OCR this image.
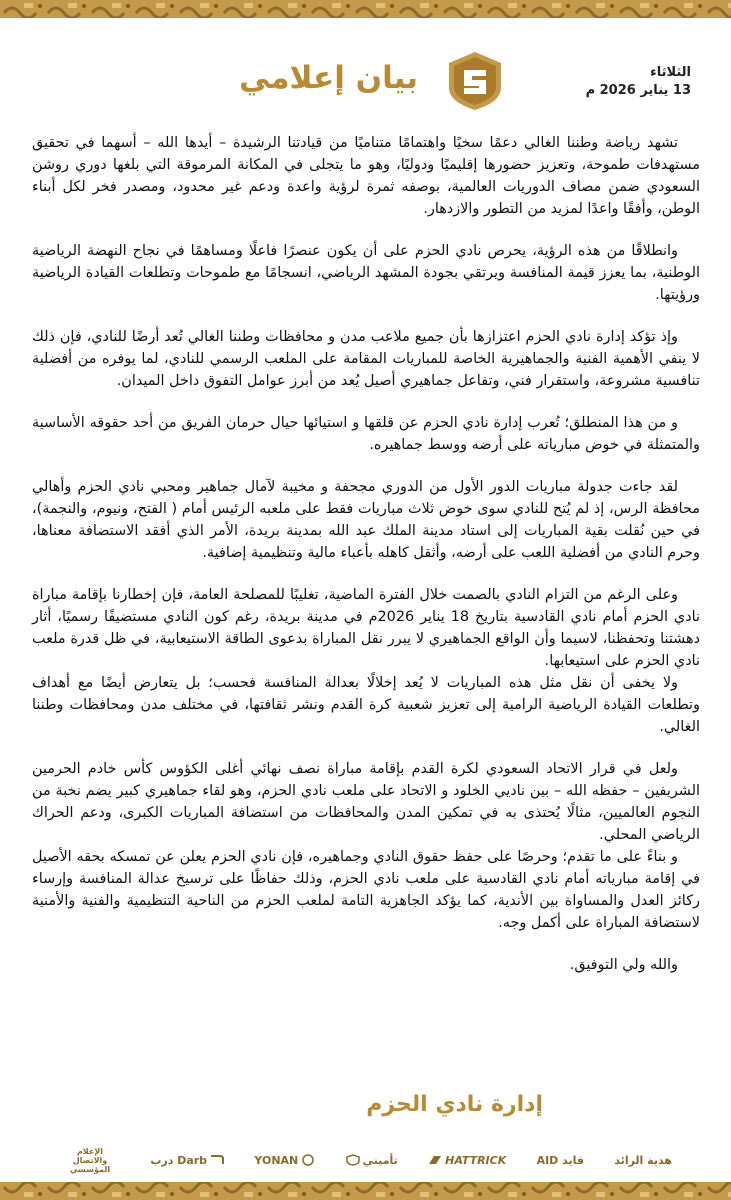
الثلاثاء
13 يناير 2026 م
بيان إعلامي

تشهد رياضة وطننا الغالي دعمًا سخيًا واهتمامًا متناميًا من قيادتنا الرشيدة – أيدها الله – أسهما في تحقيق مستهدفات طموحة، وتعزيز حضورها إقليميًا ودوليًا، وهو ما يتجلى في المكانة المرموقة التي بلغها دوري روشن السعودي ضمن مصاف الدوريات العالمية، بوصفه ثمرة لرؤية واعدة ودعم غير محدود، ومصدر فخر لكل أبناء الوطن، وأفقًا واعدًا لمزيد من التطور والازدهار.

وانطلاقًا من هذه الرؤية، يحرص نادي الحزم على أن يكون عنصرًا فاعلًا ومساهمًا في نجاح النهضة الرياضية الوطنية، بما يعزز قيمة المنافسة ويرتقي بجودة المشهد الرياضي، انسجامًا مع طموحات وتطلعات القيادة الرياضية ورؤيتها.

وإذ تؤكد إدارة نادي الحزم اعتزازها بأن جميع ملاعب مدن و محافظات وطننا الغالي تُعد أرضًا للنادي، فإن ذلك لا ينفي الأهمية الفنية والجماهيرية الخاصة للمباريات المقامة على الملعب الرسمي للنادي، لما يوفره من أفضلية تنافسية مشروعة، واستقرار فني، وتفاعل جماهيري أصيل يُعد من أبرز عوامل التفوق داخل الميدان.

و من هذا المنطلق؛ تُعرب إدارة نادي الحزم عن قلقها و استيائها حيال حرمان الفريق من أحد حقوقه الأساسية والمتمثلة في خوض مبارياته على أرضه ووسط جماهيره.

لقد جاءت جدولة مباريات الدور الأول من الدوري مجحفة و مخيبة لآمال جماهير ومحبي نادي الحزم وأهالي محافظة الرس، إذ لم يُتح للنادي سوى خوض ثلاث مباريات فقط على ملعبه الرئيس أمام ( الفتح، ونيوم، والنجمة)، في حين نُقلت بقية المباريات إلى استاد مدينة الملك عبد الله بمدينة بريدة، الأمر الذي أفقد الاستضافة معناها، وحرم النادي من أفضلية اللعب على أرضه، وأثقل كاهله بأعباء مالية وتنظيمية إضافية.

وعلى الرغم من التزام النادي بالصمت خلال الفترة الماضية، تغليبًا للمصلحة العامة، فإن إخطارنا بإقامة مباراة نادي الحزم أمام نادي القادسية بتاريخ 18 يناير 2026م في مدينة بريدة، رغم كون النادي مستضيفًا رسميًا، أثار دهشتنا وتحفظنا، لاسيما وأن الواقع الجماهيري لا يبرر نقل المباراة بدعوى الطاقة الاستيعابية، في ظل قدرة ملعب نادي الحزم على استيعابها.

ولا يخفى أن نقل مثل هذه المباريات لا يُعد إخلالًا بعدالة المنافسة فحسب؛ بل يتعارض أيضًا مع أهداف وتطلعات القيادة الرياضية الرامية إلى تعزيز شعبية كرة القدم ونشر ثقافتها، في مختلف مدن ومحافظات وطننا الغالي.

ولعل في قرار الاتحاد السعودي لكرة القدم بإقامة مباراة نصف نهائي أغلى الكؤوس كأس خادم الحرمين الشريفين – حفظه الله – بين ناديي الخلود و الاتحاد على ملعب نادي الحزم، وهو لقاء جماهيري كبير يضم نخبة من النجوم العالميين، مثالًا يُحتذى به في تمكين المدن والمحافظات من استضافة المباريات الكبرى، ودعم الحراك الرياضي المحلي.

و بناءً على ما تقدم؛ وحرصًا على حفظ حقوق النادي وجماهيره، فإن نادي الحزم يعلن عن تمسكه بحقه الأصيل في إقامة مبارياته أمام نادي القادسية على ملعب نادي الحزم، وذلك حفاظًا على ترسيخ عدالة المنافسة وإرساء ركائز العدل والمساواة بين الأندية، كما يؤكد الجاهزية التامة لملعب الحزم من الناحية التنظيمية والفنية والأمنية لاستضافة المباراة على أكمل وجه.

والله ولي التوفيق.

إدارة نادي الحزم
هدية الرائد
فايد AID
HATTRICK
تأميني
YONAN
درب Darb
الإعلام والاتصال المؤسسي
